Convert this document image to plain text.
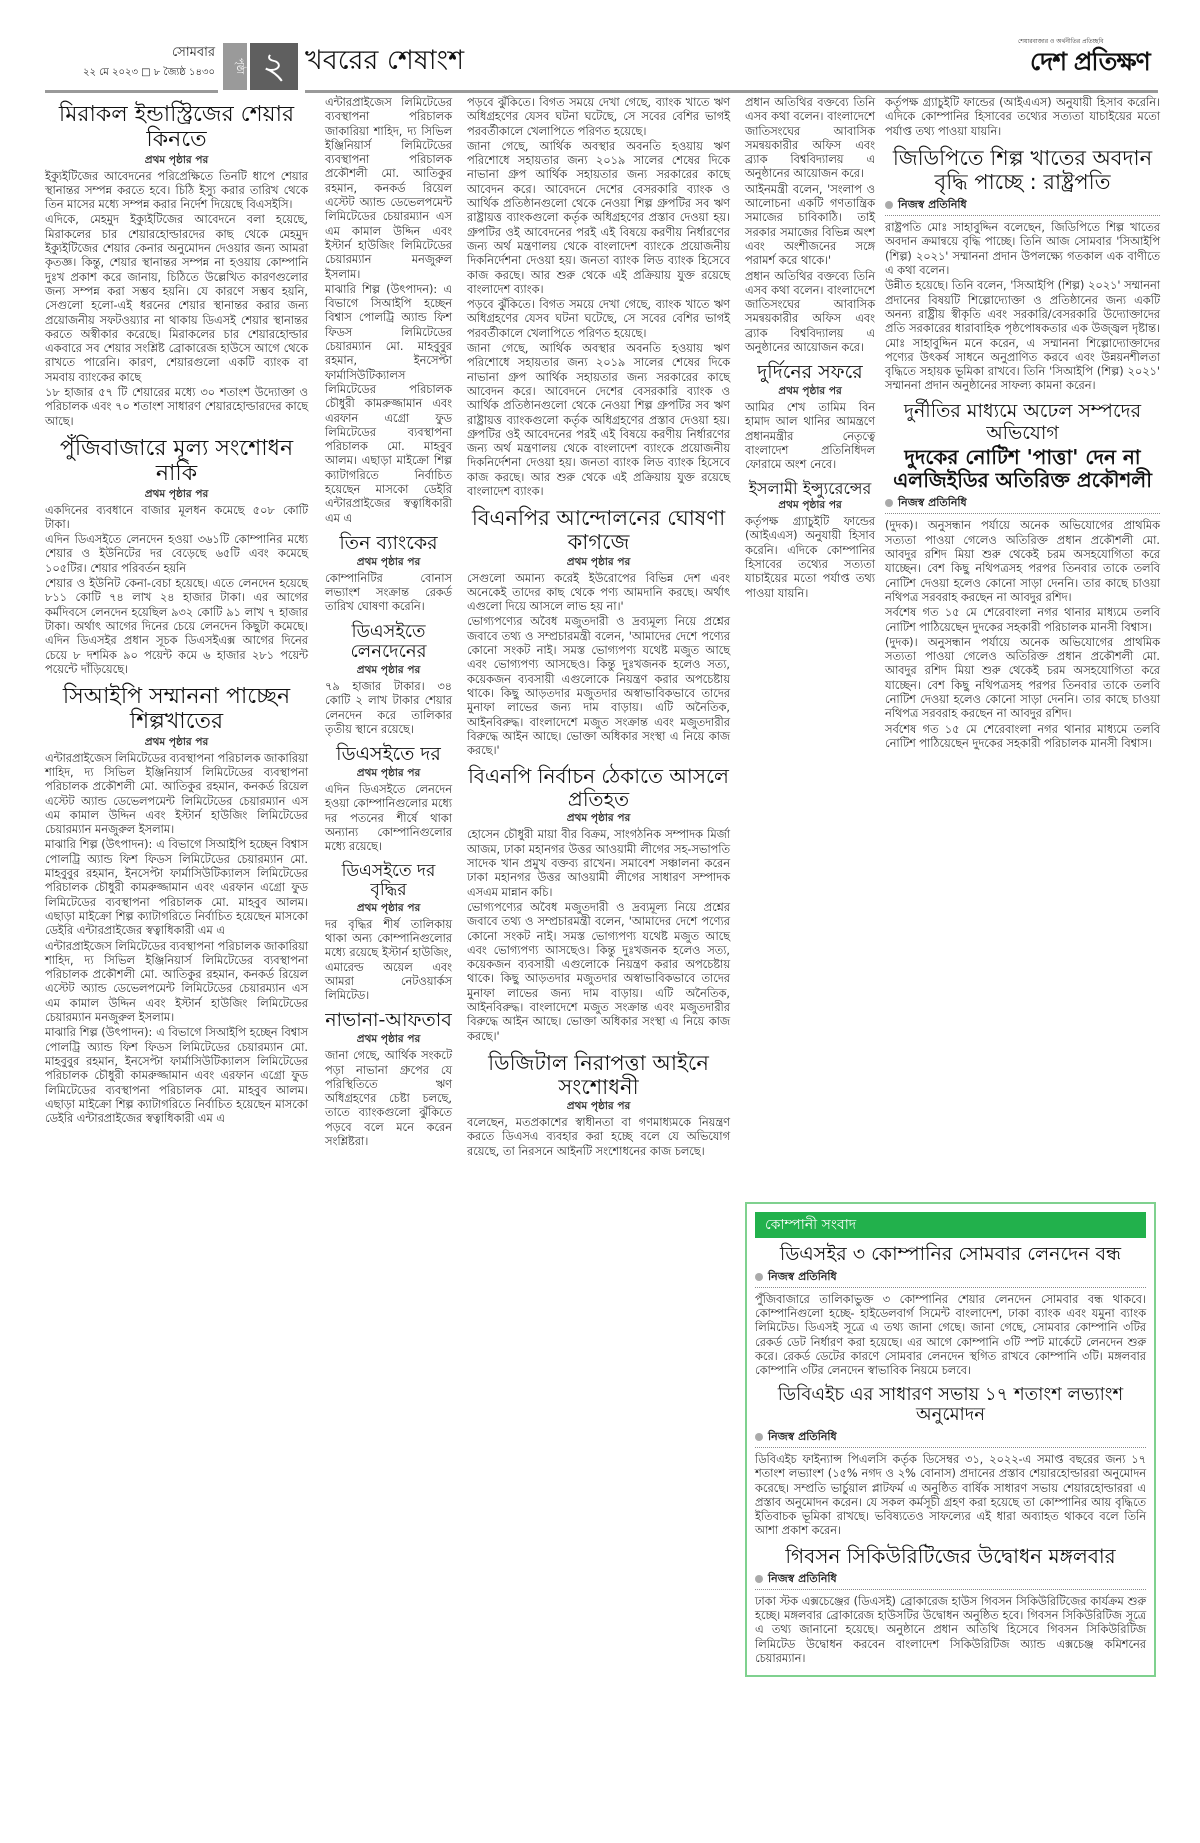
সোমবার
২২ মে ২০২৩ □ ৮ জ্যৈষ্ঠ ১৪৩০	পৃষ্ঠা ২ খবরের শেষাংশ
শেয়ারবাজার ও অর্থনীতির প্রতিচ্ছবি
দেশ প্রতিক্ষণ
মিরাকল ইন্ডাস্ট্রিজের শেয়ার কিনতে
প্রথম পৃষ্ঠার পর

ইক্যুইটিজের আবেদনের পরিপ্রেক্ষিতে তিনটি ধাপে শেয়ার স্থানান্তর সম্পন্ন করতে হবে। চিঠি ইস্যু করার তারিখ থেকে তিন মাসের মধ্যে সম্পন্ন করার নির্দেশ দিয়েছে বিএসইসি।

এদিকে, মেহমুদ ইক্যুইটিজের আবেদনে বলা হয়েছে, মিরাকলের চার শেয়ারহোল্ডারদের কাছ থেকে মেহমুদ ইক্যুইটিজের শেয়ার কেনার অনুমোদন দেওয়ার জন্য আমরা কৃতজ্ঞ। কিন্তু, শেয়ার স্থানান্তর সম্পন্ন না হওয়ায় কোম্পানি দুঃখ প্রকাশ করে জানায়, চিঠিতে উল্লেখিত কারণগুলোর জন্য সম্পন্ন করা সম্ভব হয়নি। যে কারণে সম্ভব হয়নি, সেগুলো হলো-এই ধরনের শেয়ার স্থানান্তর করার জন্য প্রয়োজনীয় সফটওয়্যার না থাকায় ডিএসই শেয়ার স্থানান্তর করতে অস্বীকার করেছে। মিরাকলের চার শেয়ারহোল্ডার একবারে সব শেয়ার সংশ্লিষ্ট ব্রোকারেজ হাউসে আগে থেকে রাখতে পারেনি। কারণ, শেয়ারগুলো একটি ব্যাংক বা সমবায় ব্যাংকের কাছে

১৮ হাজার ৫৭ টি শেয়ারের মধ্যে ৩০ শতাংশ উদ্যোক্তা ও পরিচালক এবং ৭০ শতাংশ সাধারণ শেয়ারহোল্ডারদের কাছে আছে।

পুঁজিবাজারে মূল্য সংশোধন নাকি
প্রথম পৃষ্ঠার পর

একদিনের ব্যবধানে বাজার মূলধন কমেছে ৫০৮ কোটি টাকা।

এদিন ডিএসইতে লেনদেন হওয়া ৩৬১টি কোম্পানির মধ্যে শেয়ার ও ইউনিটের দর বেড়েছে ৬৫টি এবং কমেছে ১০৫টির। শেয়ার পরিবর্তন হয়নি

শেয়ার ও ইউনিট কেনা-বেচা হয়েছে। এতে লেনদেন হয়েছে ৮১১ কোটি ৭৪ লাখ ২৪ হাজার টাকা। এর আগের কর্মদিবসে লেনদেন হয়েছিল ৯৩২ কোটি ৯১ লাখ ৭ হাজার টাকা। অর্থাৎ আগের দিনের চেয়ে লেনদেন কিছুটা কমেছে। এদিন ডিএসইর প্রধান সূচক ডিএসইএক্স আগের দিনের চেয়ে ৮ দশমিক ৯০ পয়েন্ট কমে ৬ হাজার ২৮১ পয়েন্ট পয়েন্টে দাঁড়িয়েছে।

সিআইপি সম্মাননা পাচ্ছেন শিল্পখাতের
প্রথম পৃষ্ঠার পর

এন্টারপ্রাইজেস লিমিটেডের ব্যবস্থাপনা পরিচালক জাকারিয়া শাহিদ, দ্য সিভিল ইঞ্জিনিয়ার্স লিমিটেডের ব্যবস্থাপনা পরিচালক প্রকৌশলী মো. আতিকুর রহমান, কনকর্ড রিয়েল এস্টেট অ্যান্ড ডেভেলপমেন্ট লিমিটেডের চেয়ারম্যান এস এম কামাল উদ্দিন এবং ইস্টার্ন হাউজিং লিমিটেডের চেয়ারম্যান মনজুরুল ইসলাম।

মাঝারি শিল্প (উৎপাদন): এ বিভাগে সিআইপি হচ্ছেন বিশ্বাস পোলট্রি অ্যান্ড ফিশ ফিডস লিমিটেডের চেয়ারম্যান মো. মাহবুবুর রহমান, ইনসেপ্টা ফার্মাসিউটিক্যালস লিমিটেডের পরিচালক চৌধুরী কামরুজ্জামান এবং এরফান এগ্রো ফুড লিমিটেডের ব্যবস্থাপনা পরিচালক মো. মাহবুব আলম। এছাড়া মাইক্রো শিল্প ক্যাটাগরিতে নির্বাচিত হয়েছেন মাসকো ডেইরি এন্টারপ্রাইজের স্বত্বাধিকারী এম এ

এন্টারপ্রাইজেস লিমিটেডের ব্যবস্থাপনা পরিচালক জাকারিয়া শাহিদ, দ্য সিভিল ইঞ্জিনিয়ার্স লিমিটেডের ব্যবস্থাপনা পরিচালক প্রকৌশলী মো. আতিকুর রহমান, কনকর্ড রিয়েল এস্টেট অ্যান্ড ডেভেলপমেন্ট লিমিটেডের চেয়ারম্যান এস এম কামাল উদ্দিন এবং ইস্টার্ন হাউজিং লিমিটেডের চেয়ারম্যান মনজুরুল ইসলাম।

মাঝারি শিল্প (উৎপাদন): এ বিভাগে সিআইপি হচ্ছেন বিশ্বাস পোলট্রি অ্যান্ড ফিশ ফিডস লিমিটেডের চেয়ারম্যান মো. মাহবুবুর রহমান, ইনসেপ্টা ফার্মাসিউটিক্যালস লিমিটেডের পরিচালক চৌধুরী কামরুজ্জামান এবং এরফান এগ্রো ফুড লিমিটেডের ব্যবস্থাপনা পরিচালক মো. মাহবুব আলম। এছাড়া মাইক্রো শিল্প ক্যাটাগরিতে নির্বাচিত হয়েছেন মাসকো ডেইরি এন্টারপ্রাইজের স্বত্বাধিকারী এম এ

এন্টারপ্রাইজেস লিমিটেডের ব্যবস্থাপনা পরিচালক জাকারিয়া শাহিদ, দ্য সিভিল ইঞ্জিনিয়ার্স লিমিটেডের ব্যবস্থাপনা পরিচালক প্রকৌশলী মো. আতিকুর রহমান, কনকর্ড রিয়েল এস্টেট অ্যান্ড ডেভেলপমেন্ট লিমিটেডের চেয়ারম্যান এস এম কামাল উদ্দিন এবং ইস্টার্ন হাউজিং লিমিটেডের চেয়ারম্যান মনজুরুল ইসলাম।

মাঝারি শিল্প (উৎপাদন): এ বিভাগে সিআইপি হচ্ছেন বিশ্বাস পোলট্রি অ্যান্ড ফিশ ফিডস লিমিটেডের চেয়ারম্যান মো. মাহবুবুর রহমান, ইনসেপ্টা ফার্মাসিউটিক্যালস লিমিটেডের পরিচালক চৌধুরী কামরুজ্জামান এবং এরফান এগ্রো ফুড লিমিটেডের ব্যবস্থাপনা পরিচালক মো. মাহবুব আলম। এছাড়া মাইক্রো শিল্প ক্যাটাগরিতে নির্বাচিত হয়েছেন মাসকো ডেইরি এন্টারপ্রাইজের স্বত্বাধিকারী এম এ

তিন ব্যাংকের
প্রথম পৃষ্ঠার পর

কোম্পানিটির বোনাস লভ্যাংশ সংক্রান্ত রেকর্ড তারিখ ঘোষণা করেনি।

ডিএসইতে লেনদেনের
প্রথম পৃষ্ঠার পর

৭৯ হাজার টাকার। ৩৪ কোটি ২ লাখ টাকার শেয়ার লেনদেন করে তালিকার তৃতীয় স্থানে রয়েছে।

ডিএসইতে দর
প্রথম পৃষ্ঠার পর

এদিন ডিএসইতে লেনদেন হওয়া কোম্পানিগুলোর মধ্যে দর পতনের শীর্ষে থাকা অন্যান্য কোম্পানিগুলোর মধ্যে রয়েছে।

ডিএসইতে দর বৃদ্ধির
প্রথম পৃষ্ঠার পর

দর বৃদ্ধির শীর্ষ তালিকায় থাকা অন্য কোম্পানিগুলোর মধ্যে রয়েছে ইস্টার্ন হাউজিং, এমারেল্ড অয়েল এবং আমরা নেটওয়ার্কস লিমিটেড।

নাভানা-আফতাব
প্রথম পৃষ্ঠার পর

জানা গেছে, আর্থিক সংকটে পড়া নাভানা গ্রুপের যে পরিস্থিতিতে ঋণ অধিগ্রহণের চেষ্টা চলছে, তাতে ব্যাংকগুলো ঝুঁকিতে পড়বে বলে মনে করেন সংশ্লিষ্টরা।

পড়বে ঝুঁকিতে। বিগত সময়ে দেখা গেছে, ব্যাংক খাতে ঋণ অধিগ্রহণের যেসব ঘটনা ঘটেছে, সে সবের বেশির ভাগই পরবর্তীকালে খেলাপিতে পরিণত হয়েছে।

জানা গেছে, আর্থিক অবস্থার অবনতি হওয়ায় ঋণ পরিশোধে সহায়তার জন্য ২০১৯ সালের শেষের দিকে নাভানা গ্রুপ আর্থিক সহায়তার জন্য সরকারের কাছে আবেদন করে। আবেদনে দেশের বেসরকারি ব্যাংক ও আর্থিক প্রতিষ্ঠানগুলো থেকে নেওয়া শিল্প গ্রুপটির সব ঋণ রাষ্ট্রায়ত্ত ব্যাংকগুলো কর্তৃক অধিগ্রহণের প্রস্তাব দেওয়া হয়। গ্রুপটির ওই আবেদনের পরই এই বিষয়ে করণীয় নির্ধারণের জন্য অর্থ মন্ত্রণালয় থেকে বাংলাদেশ ব্যাংকে প্রয়োজনীয় দিকনির্দেশনা দেওয়া হয়। জনতা ব্যাংক লিড ব্যাংক হিসেবে কাজ করছে। আর শুরু থেকে এই প্রক্রিয়ায় যুক্ত রয়েছে বাংলাদেশ ব্যাংক।

পড়বে ঝুঁকিতে। বিগত সময়ে দেখা গেছে, ব্যাংক খাতে ঋণ অধিগ্রহণের যেসব ঘটনা ঘটেছে, সে সবের বেশির ভাগই পরবর্তীকালে খেলাপিতে পরিণত হয়েছে।

জানা গেছে, আর্থিক অবস্থার অবনতি হওয়ায় ঋণ পরিশোধে সহায়তার জন্য ২০১৯ সালের শেষের দিকে নাভানা গ্রুপ আর্থিক সহায়তার জন্য সরকারের কাছে আবেদন করে। আবেদনে দেশের বেসরকারি ব্যাংক ও আর্থিক প্রতিষ্ঠানগুলো থেকে নেওয়া শিল্প গ্রুপটির সব ঋণ রাষ্ট্রায়ত্ত ব্যাংকগুলো কর্তৃক অধিগ্রহণের প্রস্তাব দেওয়া হয়। গ্রুপটির ওই আবেদনের পরই এই বিষয়ে করণীয় নির্ধারণের জন্য অর্থ মন্ত্রণালয় থেকে বাংলাদেশ ব্যাংকে প্রয়োজনীয় দিকনির্দেশনা দেওয়া হয়। জনতা ব্যাংক লিড ব্যাংক হিসেবে কাজ করছে। আর শুরু থেকে এই প্রক্রিয়ায় যুক্ত রয়েছে বাংলাদেশ ব্যাংক।

বিএনপির আন্দোলনের ঘোষণা কাগজে
প্রথম পৃষ্ঠার পর

সেগুলো অমান্য করেই ইউরোপের বিভিন্ন দেশ এবং অনেকেই তাদের কাছ থেকে পণ্য আমদানি করছে। অর্থাৎ এগুলো দিয়ে আসলে লাভ হয় না।'

ভোগ্যপণ্যের অবৈধ মজুতদারী ও দ্রব্যমূল্য নিয়ে প্রশ্নের জবাবে তথ্য ও সম্প্রচারমন্ত্রী বলেন, 'আমাদের দেশে পণ্যের কোনো সংকট নাই। সমস্ত ভোগ্যপণ্য যথেষ্ট মজুত আছে এবং ভোগ্যপণ্য আসছেও। কিন্তু দুঃখজনক হলেও সত্য, কয়েকজন ব্যবসায়ী এগুলোকে নিয়ন্ত্রণ করার অপচেষ্টায় থাকে। কিছু আড়তদার মজুতদার অস্বাভাবিকভাবে তাদের মুনাফা লাভের জন্য দাম বাড়ায়। এটি অনৈতিক, আইনবিরুদ্ধ। বাংলাদেশে মজুত সংক্রান্ত এবং মজুতদারীর বিরুদ্ধে আইন আছে। ভোক্তা অধিকার সংস্থা এ নিয়ে কাজ করছে।'

বিএনপি নির্বাচন ঠেকাতে আসলে প্রতিহত
প্রথম পৃষ্ঠার পর

হোসেন চৌধুরী মায়া বীর বিক্রম, সাংগঠনিক সম্পাদক মির্জা আজম, ঢাকা মহানগর উত্তর আওয়ামী লীগের সহ-সভাপতি সাদেক খান প্রমুখ বক্তব্য রাখেন। সমাবেশ সঞ্চালনা করেন ঢাকা মহানগর উত্তর আওয়ামী লীগের সাধারণ সম্পাদক এসএম মান্নান কচি।

ভোগ্যপণ্যের অবৈধ মজুতদারী ও দ্রব্যমূল্য নিয়ে প্রশ্নের জবাবে তথ্য ও সম্প্রচারমন্ত্রী বলেন, 'আমাদের দেশে পণ্যের কোনো সংকট নাই। সমস্ত ভোগ্যপণ্য যথেষ্ট মজুত আছে এবং ভোগ্যপণ্য আসছেও। কিন্তু দুঃখজনক হলেও সত্য, কয়েকজন ব্যবসায়ী এগুলোকে নিয়ন্ত্রণ করার অপচেষ্টায় থাকে। কিছু আড়তদার মজুতদার অস্বাভাবিকভাবে তাদের মুনাফা লাভের জন্য দাম বাড়ায়। এটি অনৈতিক, আইনবিরুদ্ধ। বাংলাদেশে মজুত সংক্রান্ত এবং মজুতদারীর বিরুদ্ধে আইন আছে। ভোক্তা অধিকার সংস্থা এ নিয়ে কাজ করছে।'

ডিজিটাল নিরাপত্তা আইনে সংশোধনী
প্রথম পৃষ্ঠার পর

বলেছেন, মতপ্রকাশের স্বাধীনতা বা গণমাধ্যমকে নিয়ন্ত্রণ করতে ডিএসএ ব্যবহার করা হচ্ছে বলে যে অভিযোগ রয়েছে, তা নিরসনে আইনটি সংশোধনের কাজ চলছে।

প্রধান অতিথির বক্তব্যে তিনি এসব কথা বলেন। বাংলাদেশে জাতিসংঘের আবাসিক সমন্বয়কারীর অফিস এবং ব্র্যাক বিশ্ববিদ্যালয় এ অনুষ্ঠানের আয়োজন করে।

আইনমন্ত্রী বলেন, 'সংলাপ ও আলোচনা একটি গণতান্ত্রিক সমাজের চাবিকাঠি। তাই সরকার সমাজের বিভিন্ন অংশ এবং অংশীজনের সঙ্গে পরামর্শ করে থাকে।'

প্রধান অতিথির বক্তব্যে তিনি এসব কথা বলেন। বাংলাদেশে জাতিসংঘের আবাসিক সমন্বয়কারীর অফিস এবং ব্র্যাক বিশ্ববিদ্যালয় এ অনুষ্ঠানের আয়োজন করে।

দুর্দিনের সফরে
প্রথম পৃষ্ঠার পর

আমির শেখ তামিম বিন হামাদ আল থানির আমন্ত্রণে প্রধানমন্ত্রীর নেতৃত্বে বাংলাদেশ প্রতিনিধিদল ফোরামে অংশ নেবে।

ইসলামী ইন্স্যুরেন্সের
প্রথম পৃষ্ঠার পর

কর্তৃপক্ষ গ্র্যাচুইটি ফান্ডের (আইএএস) অনুযায়ী হিসাব করেনি। এদিকে কোম্পানির হিসাবের তথ্যের সত্যতা যাচাইয়ের মতো পর্যাপ্ত তথ্য পাওয়া যায়নি।

কর্তৃপক্ষ গ্র্যাচুইটি ফান্ডের (আইএএস) অনুযায়ী হিসাব করেনি। এদিকে কোম্পানির হিসাবের তথ্যের সত্যতা যাচাইয়ের মতো পর্যাপ্ত তথ্য পাওয়া যায়নি।

জিডিপিতে শিল্প খাতের অবদান
বৃদ্ধি পাচ্ছে : রাষ্ট্রপতি
নিজস্ব প্রতিনিধি

রাষ্ট্রপতি মোঃ সাহাবুদ্দিন বলেছেন, জিডিপিতে শিল্প খাতের অবদান ক্রমান্বয়ে বৃদ্ধি পাচ্ছে। তিনি আজ সোমবার 'সিআইপি (শিল্প) ২০২১' সম্মাননা প্রদান উপলক্ষ্যে গতকাল এক বাণীতে এ কথা বলেন।

উন্নীত হয়েছে। তিনি বলেন, 'সিআইপি (শিল্প) ২০২১' সম্মাননা প্রদানের বিষয়টি শিল্পোদ্যোক্তা ও প্রতিষ্ঠানের জন্য একটি অনন্য রাষ্ট্রীয় স্বীকৃতি এবং সরকারি/বেসরকারি উদ্যোক্তাদের প্রতি সরকারের ধারাবাহিক পৃষ্ঠপোষকতার এক উজ্জ্বল দৃষ্টান্ত। মোঃ সাহাবুদ্দিন মনে করেন, এ সম্মাননা শিল্পোদ্যোক্তাদের পণ্যের উৎকর্ষ সাধনে অনুপ্রাণিত করবে এবং উন্নয়নশীলতা বৃদ্ধিতে সহায়ক ভূমিকা রাখবে। তিনি 'সিআইপি (শিল্প) ২০২১' সম্মাননা প্রদান অনুষ্ঠানের সাফল্য কামনা করেন।

দুর্নীতির মাধ্যমে অঢেল সম্পদের অভিযোগ
দুদকের নোটিশ 'পাত্তা' দেন না
এলজিইডির অতিরিক্ত প্রকৌশলী
নিজস্ব প্রতিনিধি

(দুদক)। অনুসন্ধান পর্যায়ে অনেক অভিযোগের প্রাথমিক সত্যতা পাওয়া গেলেও অতিরিক্ত প্রধান প্রকৌশলী মো. আবদুর রশিদ মিয়া শুরু থেকেই চরম অসহযোগিতা করে যাচ্ছেন। বেশ কিছু নথিপত্রসহ পরপর তিনবার তাকে তলবি নোটিশ দেওয়া হলেও কোনো সাড়া দেননি। তার কাছে চাওয়া নথিপত্র সরবরাহ করছেন না আবদুর রশিদ।

সর্বশেষ গত ১৫ মে শেরেবাংলা নগর থানার মাধ্যমে তলবি নোটিশ পাঠিয়েছেন দুদকের সহকারী পরিচালক মানসী বিশ্বাস।

(দুদক)। অনুসন্ধান পর্যায়ে অনেক অভিযোগের প্রাথমিক সত্যতা পাওয়া গেলেও অতিরিক্ত প্রধান প্রকৌশলী মো. আবদুর রশিদ মিয়া শুরু থেকেই চরম অসহযোগিতা করে যাচ্ছেন। বেশ কিছু নথিপত্রসহ পরপর তিনবার তাকে তলবি নোটিশ দেওয়া হলেও কোনো সাড়া দেননি। তার কাছে চাওয়া নথিপত্র সরবরাহ করছেন না আবদুর রশিদ।

সর্বশেষ গত ১৫ মে শেরেবাংলা নগর থানার মাধ্যমে তলবি নোটিশ পাঠিয়েছেন দুদকের সহকারী পরিচালক মানসী বিশ্বাস।

কোম্পানী সংবাদ
ডিএসইর ৩ কোম্পানির সোমবার লেনদেন বন্ধ
নিজস্ব প্রতিনিধি

পুঁজিবাজারে তালিকাভুক্ত ৩ কোম্পানির শেয়ার লেনদেন সোমবার বন্ধ থাকবে। কোম্পানিগুলো হচ্ছে- হাইডেলবার্গ সিমেন্ট বাংলাদেশ, ঢাকা ব্যাংক এবং যমুনা ব্যাংক লিমিটেড। ডিএসই সূত্রে এ তথ্য জানা গেছে। জানা গেছে, সোমবার কোম্পানি ৩টির রেকর্ড ডেট নির্ধারণ করা হয়েছে। এর আগে কোম্পানি ৩টি স্পট মার্কেটে লেনদেন শুরু করে। রেকর্ড ডেটের কারণে সোমবার লেনদেন স্থগিত রাখবে কোম্পানি ৩টি। মঙ্গলবার কোম্পানি ৩টির লেনদেন স্বাভাবিক নিয়মে চলবে।

ডিবিএইচ এর সাধারণ সভায় ১৭ শতাংশ লভ্যাংশ অনুমোদন
নিজস্ব প্রতিনিধি

ডিবিএইচ ফাইন্যান্স পিএলসি কর্তৃক ডিসেম্বর ৩১, ২০২২-এ সমাপ্ত বছরের জন্য ১৭ শতাংশ লভ্যাংশ (১৫% নগদ ও ২% বোনাস) প্রদানের প্রস্তাব শেয়ারহোল্ডাররা অনুমোদন করেছে। সম্প্রতি ভার্চুয়াল প্লাটফর্ম এ অনুষ্ঠিত বার্ষিক সাধারণ সভায় শেয়ারহোল্ডাররা এ প্রস্তাব অনুমোদন করেন। যে সকল কর্মসূচী গ্রহণ করা হয়েছে তা কোম্পানির আয় বৃদ্ধিতে ইতিবাচক ভূমিকা রাখছে। ভবিষ্যতেও সাফল্যের এই ধারা অব্যাহত থাকবে বলে তিনি আশা প্রকাশ করেন।

গিবসন সিকিউরিটিজের উদ্বোধন মঙ্গলবার
নিজস্ব প্রতিনিধি

ঢাকা স্টক এক্সচেঞ্জের (ডিএসই) ব্রোকারেজ হাউস গিবসন সিকিউরিটিজের কার্যক্রম শুরু হচ্ছে। মঙ্গলবার ব্রোকারেজ হাউসটির উদ্বোধন অনুষ্ঠিত হবে। গিবসন সিকিউরিটিজ সূত্রে এ তথ্য জানানো হয়েছে। অনুষ্ঠানে প্রধান অতিথি হিসেবে গিবসন সিকিউরিটিজ লিমিটেড উদ্বোধন করবেন বাংলাদেশ সিকিউরিটিজ অ্যান্ড এক্সচেঞ্জ কমিশনের চেয়ারম্যান।
